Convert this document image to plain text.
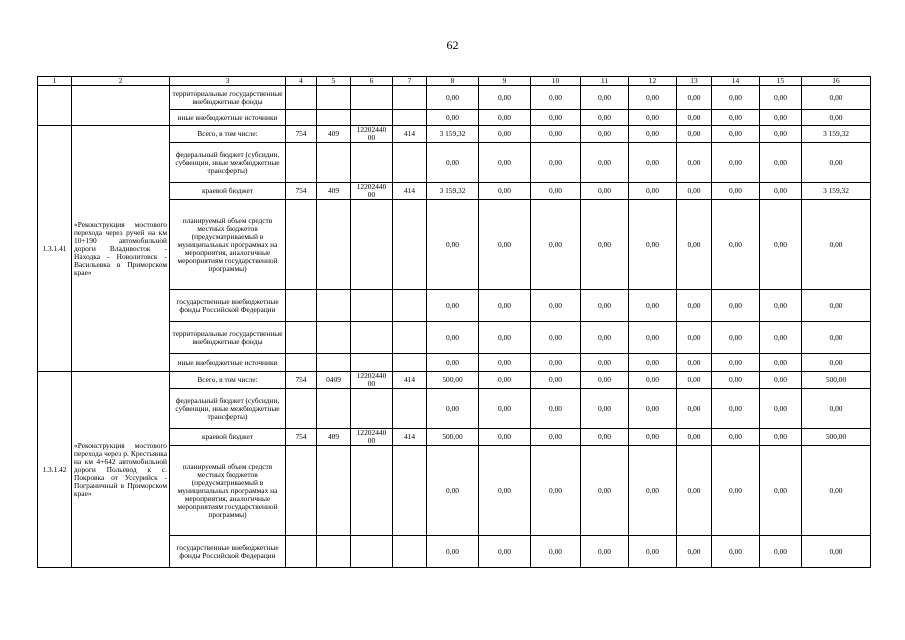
62
1	2	3	4	5	6	7	8	9	10	11	12	13	14	15	16
		территориальные государственные внебюджетные фонды					0,00	0,00	0,00	0,00	0,00	0,00	0,00	0,00	0,00
		иные внебюджетные источники					0,00	0,00	0,00	0,00	0,00	0,00	0,00	0,00	0,00
1.3.1.41	«Реконструкция мостового перехода через ручей на км 10+190 автомобильной дороги Владивосток - Находка - Новолитовск - Васильевка в Приморском крае»	Всего, в том числе:	754	409	12202440 00	414	3 159,32	0,00	0,00	0,00	0,00	0,00	0,00	0,00	3 159,32
		федеральный бюджет (субсидии, субвенции, иные межбюджетные трансферты)					0,00	0,00	0,00	0,00	0,00	0,00	0,00	0,00	0,00
		краевой бюджет	754	409	12202440 00	414	3 159,32	0,00	0,00	0,00	0,00	0,00	0,00	0,00	3 159,32
		планируемый объем средств местных бюджетов (предусматриваемый в муниципальных программах на мероприятия, аналогичные мероприятиям государственной программы)					0,00	0,00	0,00	0,00	0,00	0,00	0,00	0,00	0,00
		государственные внебюджетные фонды Российской Федерации					0,00	0,00	0,00	0,00	0,00	0,00	0,00	0,00	0,00
		территориальные государственные внебюджетные фонды					0,00	0,00	0,00	0,00	0,00	0,00	0,00	0,00	0,00
		иные внебюджетные источники					0,00	0,00	0,00	0,00	0,00	0,00	0,00	0,00	0,00
1.3.1.42	«Реконструкция мостового перехода через р. Крестьянка на км 4+642 автомобильной дороги Польевод к с. Покровка от Уссурийск - Пограничный в Приморском крае»	Всего, в том числе:	754	0409	12202440 00	414	500,00	0,00	0,00	0,00	0,00	0,00	0,00	0,00	500,00
		федеральный бюджет (субсидии, субвенции, иные межбюджетные трансферты)					0,00	0,00	0,00	0,00	0,00	0,00	0,00	0,00	0,00
		краевой бюджет	754	409	12202440 00	414	500,00	0,00	0,00	0,00	0,00	0,00	0,00	0,00	500,00
		планируемый объем средств местных бюджетов (предусматриваемый в муниципальных программах на мероприятия, аналогичные мероприятиям государственной программы)					0,00	0,00	0,00	0,00	0,00	0,00	0,00	0,00	0,00
		государственные внебюджетные фонды Российской Федерации					0,00	0,00	0,00	0,00	0,00	0,00	0,00	0,00	0,00
